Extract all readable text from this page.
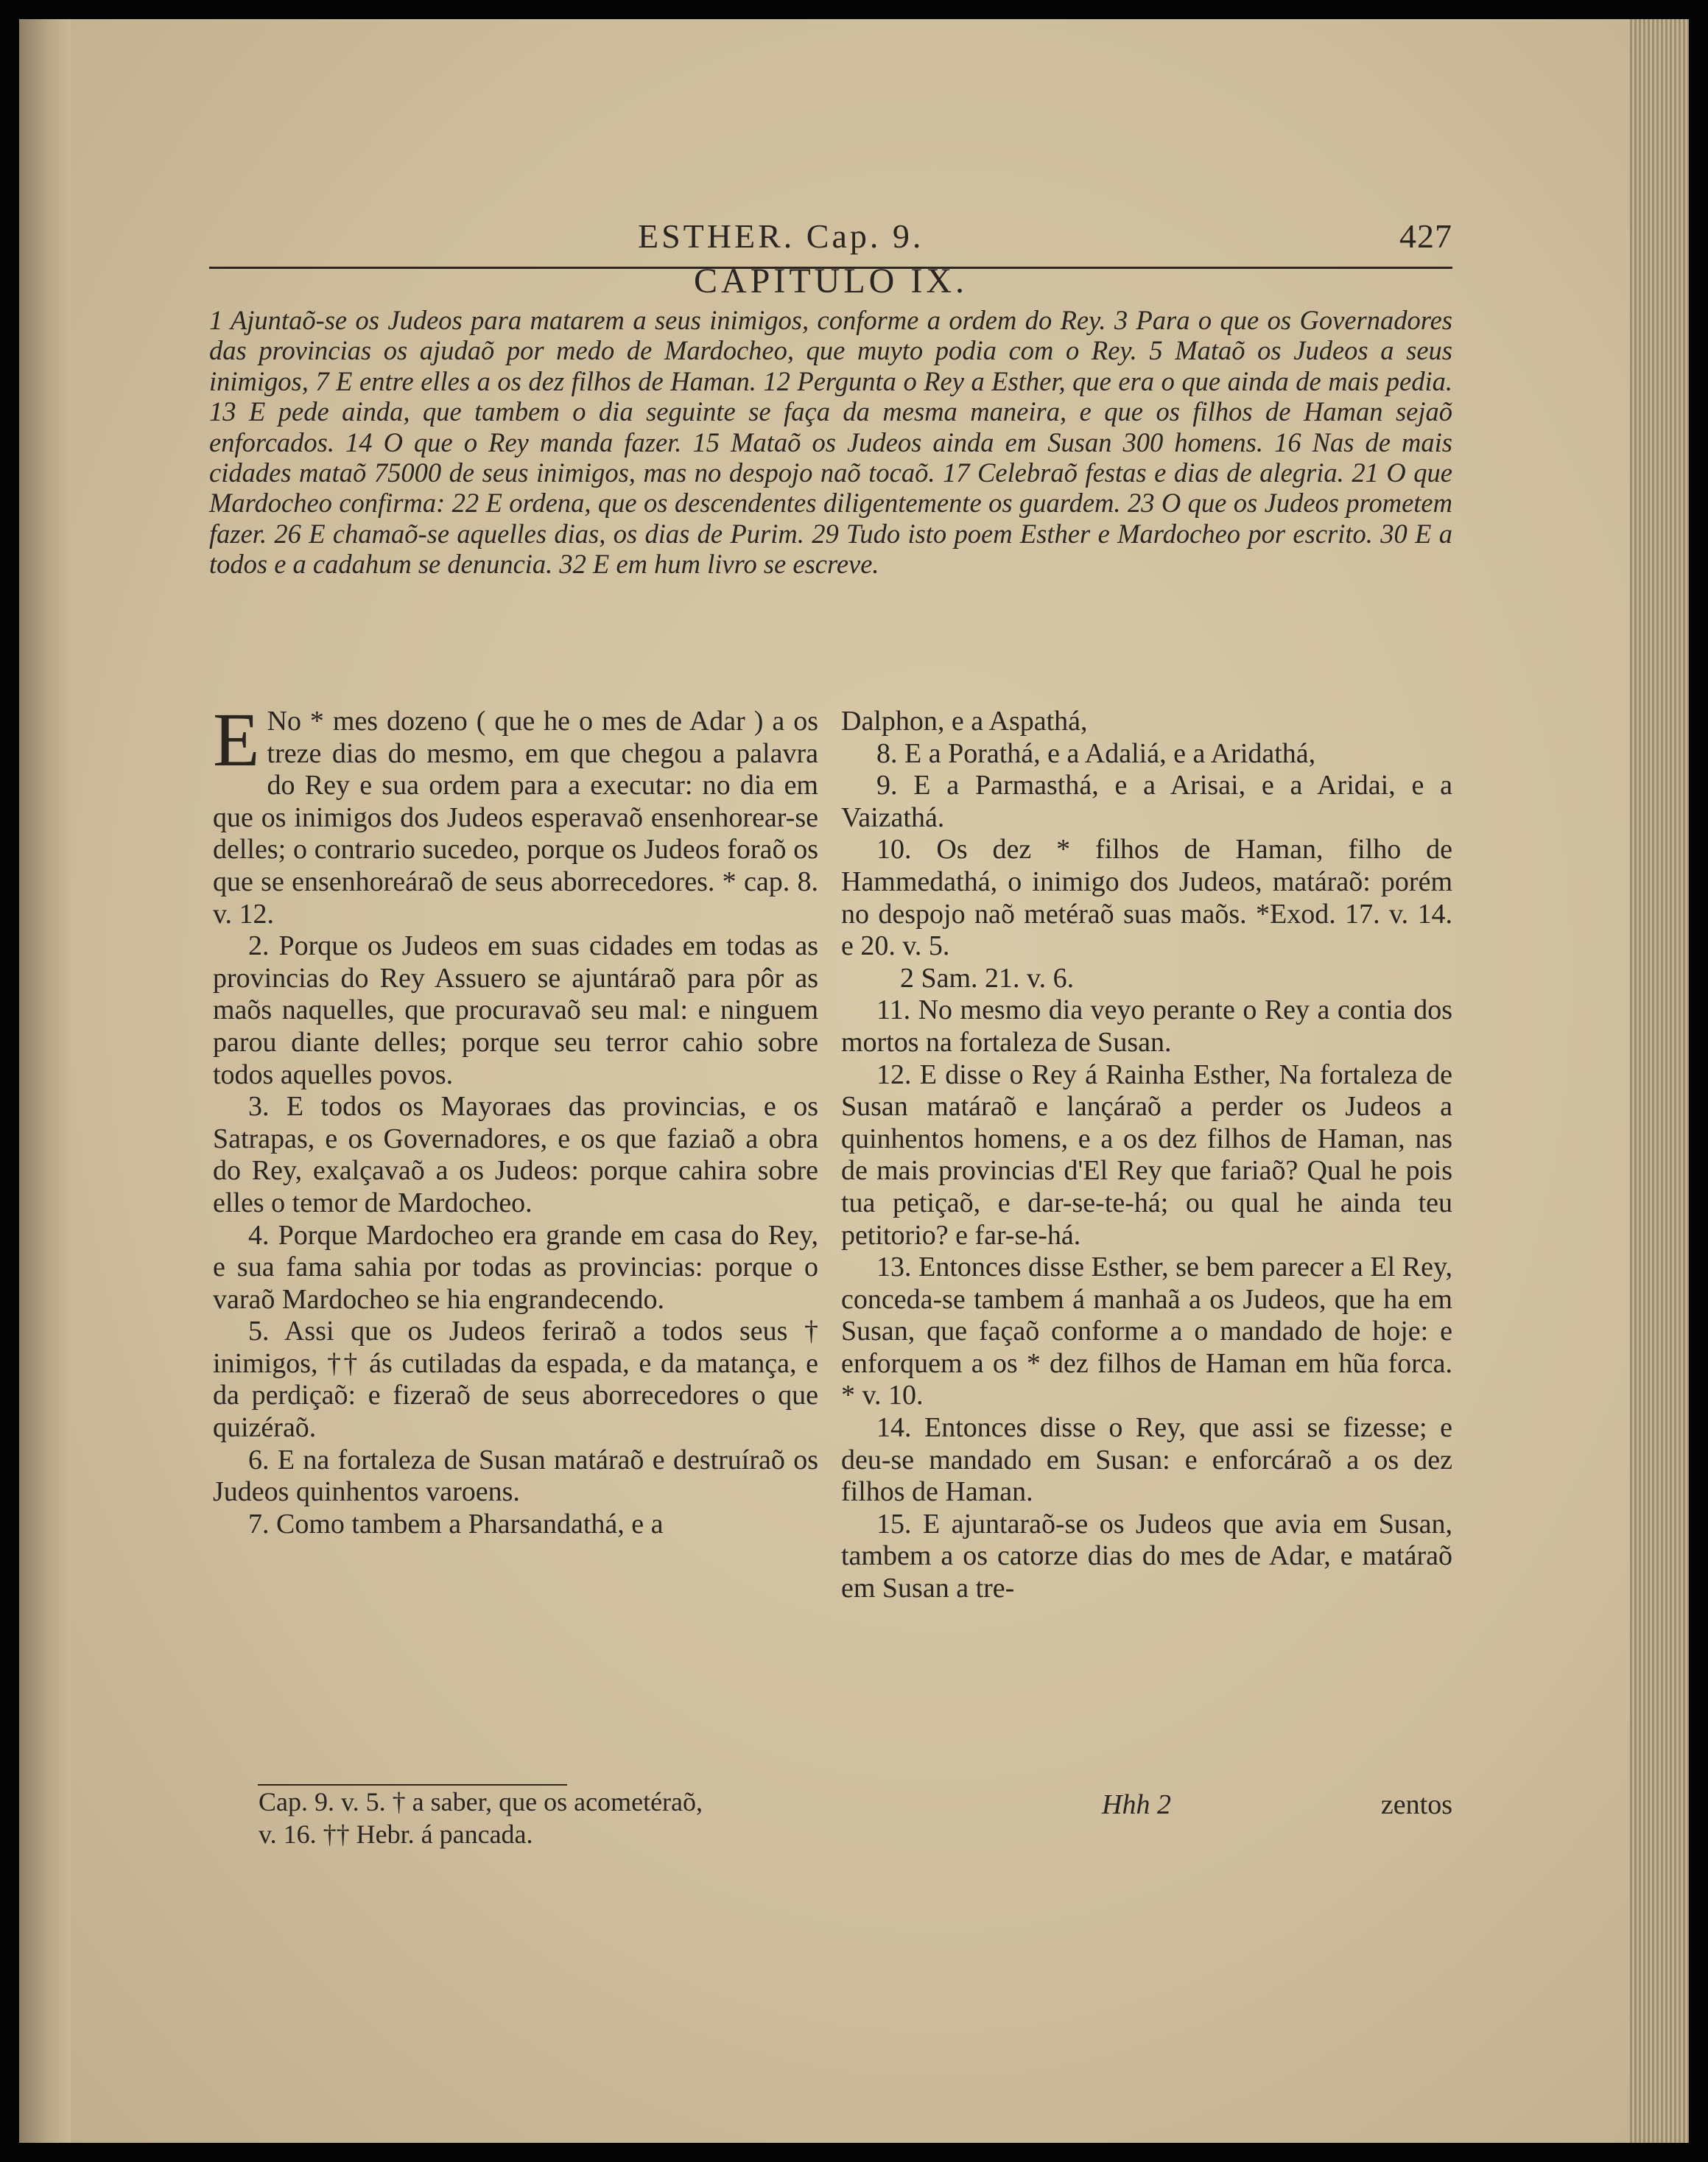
ESTHER. Cap. 9.	427
CAPITULO IX.
1 Ajuntaõ-se os Judeos para matarem a seus inimigos, conforme a ordem do Rey. 3 Para o que os Governadores das provincias os ajudaõ por medo de Mardocheo, que muyto podia com o Rey. 5 Mataõ os Judeos a seus inimigos, 7 E entre elles a os dez filhos de Haman. 12 Pergunta o Rey a Esther, que era o que ainda de mais pedia. 13 E pede ainda, que tambem o dia seguinte se faça da mesma maneira, e que os filhos de Haman sejaõ enforcados. 14 O que o Rey manda fazer. 15 Mataõ os Judeos ainda em Susan 300 homens. 16 Nas de mais cidades mataõ 75000 de seus inimigos, mas no despojo naõ tocaõ. 17 Celebraõ festas e dias de alegria. 21 O que Mardocheo confirma: 22 E ordena, que os descendentes diligentemente os guardem. 23 O que os Judeos prometem fazer. 26 E chamaõ-se aquelles dias, os dias de Purim. 29 Tudo isto poem Esther e Mardocheo por escrito. 30 E a todos e a cadahum se denuncia. 32 E em hum livro se escreve.

E No * mes dozeno ( que he o mes de Adar ) a os treze dias do mesmo, em que chegou a palavra do Rey e sua ordem para a executar: no dia em que os inimigos dos Judeos esperavaõ ensenhorear-se delles; o contrario sucedeo, porque os Judeos foraõ os que se ensenhoreáraõ de seus aborrecedores. * cap. 8. v. 12.

2. Porque os Judeos em suas cidades em todas as provincias do Rey Assuero se ajuntáraõ para pôr as maõs naquelles, que procuravaõ seu mal: e ninguem parou diante delles; porque seu terror cahio sobre todos aquelles povos.

3. E todos os Mayoraes das provincias, e os Satrapas, e os Governadores, e os que faziaõ a obra do Rey, exalçavaõ a os Judeos: porque cahira sobre elles o temor de Mardocheo.

4. Porque Mardocheo era grande em casa do Rey, e sua fama sahia por todas as provincias: porque o varaõ Mardocheo se hia engrandecendo.

5. Assi que os Judeos feriraõ a todos seus † inimigos, †† ás cutiladas da espada, e da matança, e da perdiçaõ: e fizeraõ de seus aborrecedores o que quizéraõ.

6. E na fortaleza de Susan matáraõ e destruíraõ os Judeos quinhentos varoens.

7. Como tambem a Pharsandathá, e a

Dalphon, e a Aspathá,

8. E a Porathá, e a Adaliá, e a Aridathá,

9. E a Parmasthá, e a Arisai, e a Aridai, e a Vaizathá.

10. Os dez * filhos de Haman, filho de Hammedathá, o inimigo dos Judeos, matáraõ: porém no despojo naõ metéraõ suas maõs. *Exod. 17. v. 14. e 20. v. 5.

2 Sam. 21. v. 6.

11. No mesmo dia veyo perante o Rey a contia dos mortos na fortaleza de Susan.

12. E disse o Rey á Rainha Esther, Na fortaleza de Susan matáraõ e lançáraõ a perder os Judeos a quinhentos homens, e a os dez filhos de Haman, nas de mais provincias d'El Rey que fariaõ? Qual he pois tua petiçaõ, e dar-se-te-há; ou qual he ainda teu petitorio? e far-se-há.

13. Entonces disse Esther, se bem parecer a El Rey, conceda-se tambem á manhaã a os Judeos, que ha em Susan, que façaõ conforme a o mandado de hoje: e enforquem a os * dez filhos de Haman em hũa forca. * v. 10.

14. Entonces disse o Rey, que assi se fizesse; e deu-se mandado em Susan: e enforcáraõ a os dez filhos de Haman.

15. E ajuntaraõ-se os Judeos que avia em Susan, tambem a os catorze dias do mes de Adar, e matáraõ em Susan a tre-

Cap. 9. v. 5. † a saber, que os acometéraõ,
v. 16. †† Hebr. á pancada.
Hhh 2	zentos
